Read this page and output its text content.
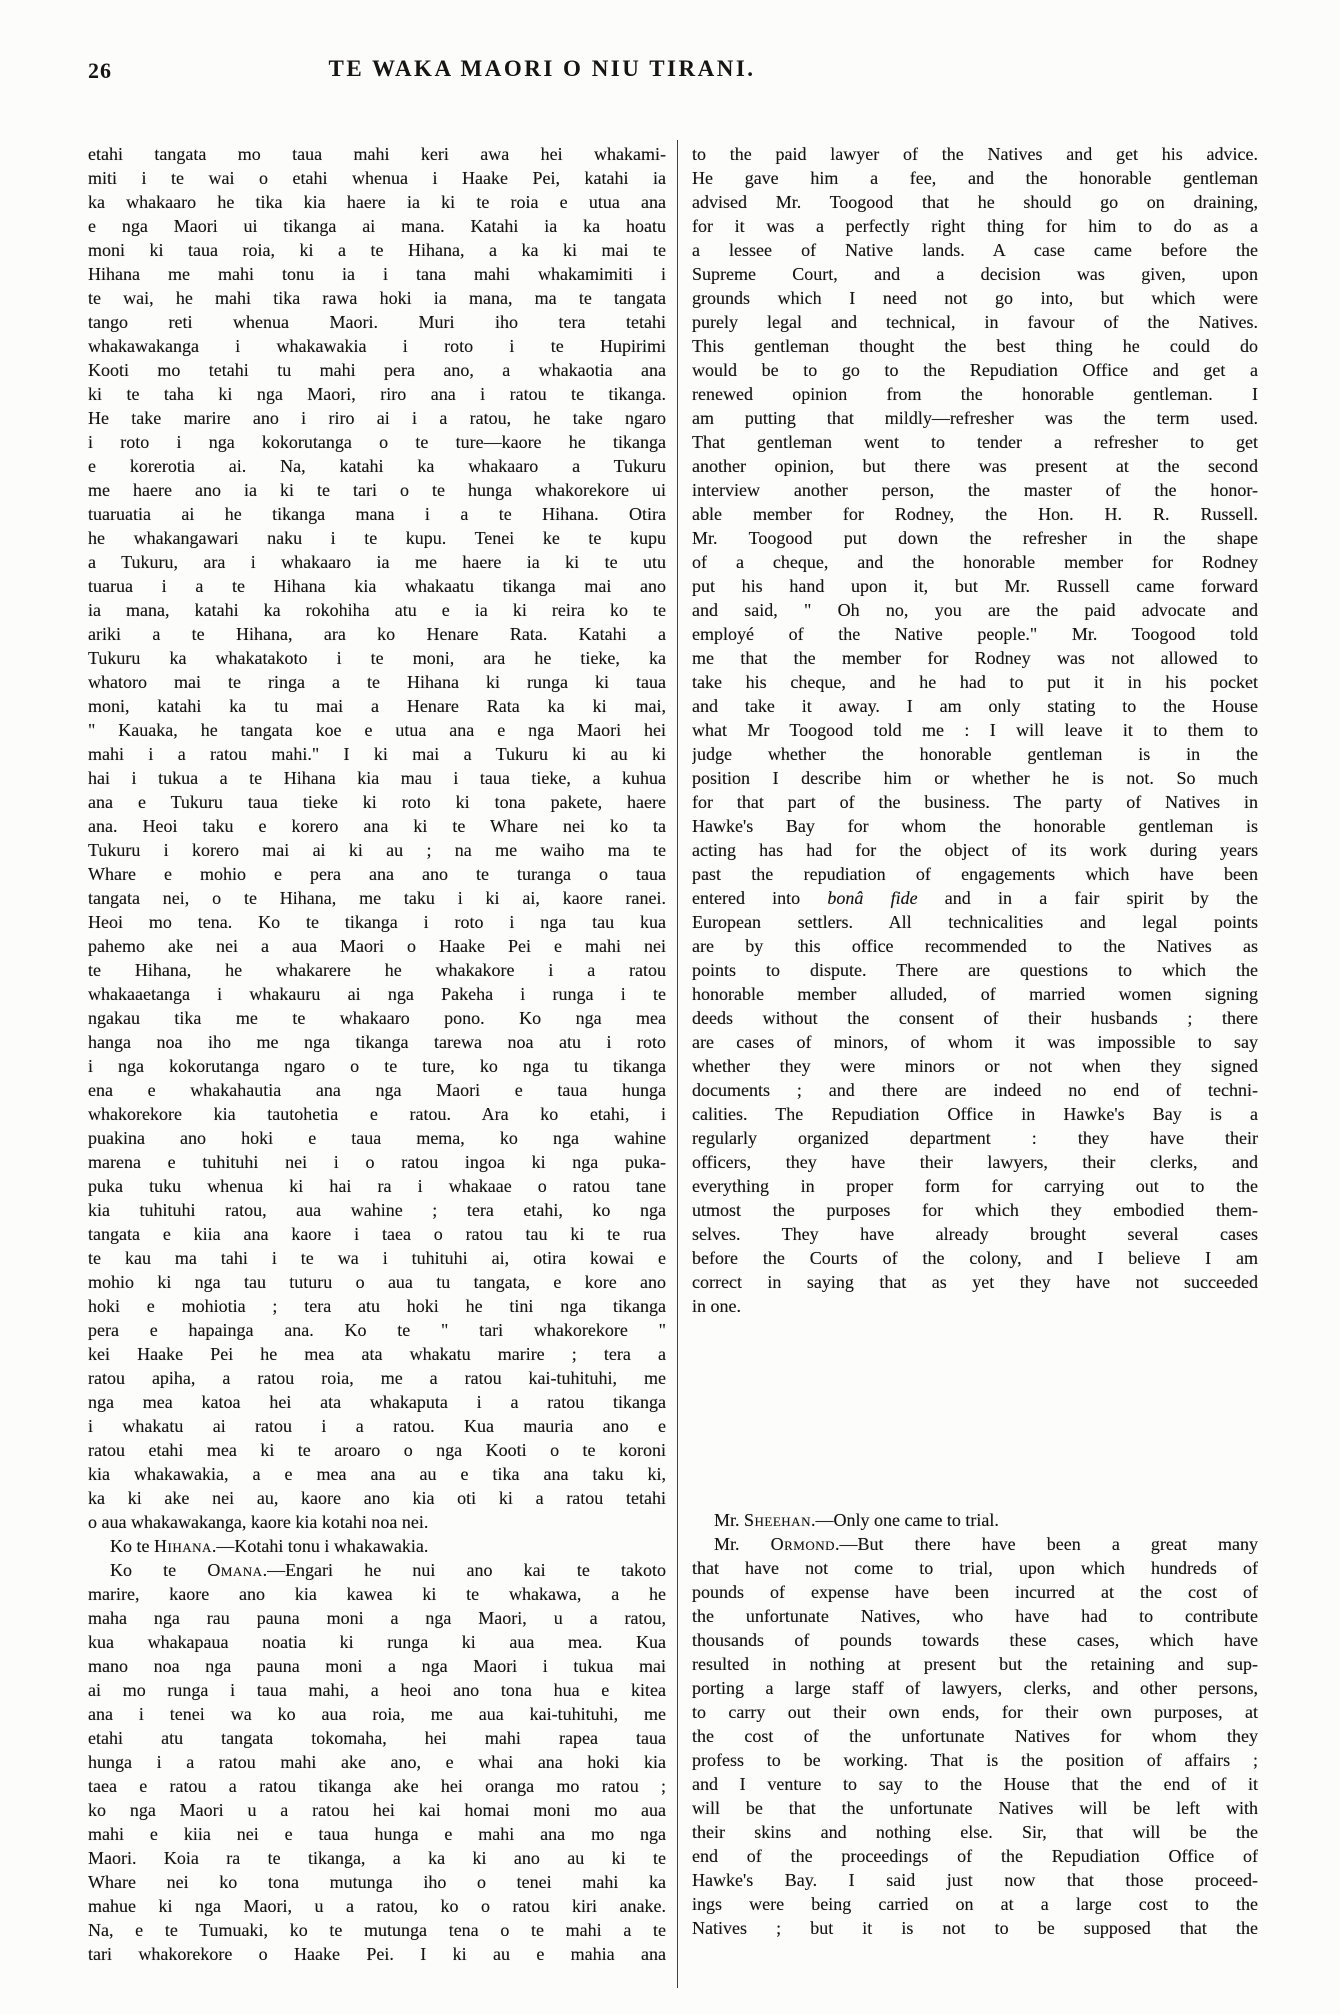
26	TE WAKA MAORI O NIU TIRANI.
etahi tangata mo taua mahi keri awa hei whakami-
miti i te wai o etahi whenua i Haake Pei, katahi ia
ka whakaaro he tika kia haere ia ki te roia e utua ana
e nga Maori ui tikanga ai mana. Katahi ia ka hoatu
moni ki taua roia, ki a te Hihana, a ka ki mai te
Hihana me mahi tonu ia i tana mahi whakamimiti i
te wai, he mahi tika rawa hoki ia mana, ma te tangata
tango reti whenua Maori. Muri iho tera tetahi
whakawakanga i whakawakia i roto i te Hupirimi
Kooti mo tetahi tu mahi pera ano, a whakaotia ana
ki te taha ki nga Maori, riro ana i ratou te tikanga.
He take marire ano i riro ai i a ratou, he take ngaro
i roto i nga kokorutanga o te ture—kaore he tikanga
e korerotia ai. Na, katahi ka whakaaro a Tukuru
me haere ano ia ki te tari o te hunga whakorekore ui
tuaruatia ai he tikanga mana i a te Hihana. Otira
he whakangawari naku i te kupu. Tenei ke te kupu
a Tukuru, ara i whakaaro ia me haere ia ki te utu
tuarua i a te Hihana kia whakaatu tikanga mai ano
ia mana, katahi ka rokohiha atu e ia ki reira ko te
ariki a te Hihana, ara ko Henare Rata. Katahi a
Tukuru ka whakatakoto i te moni, ara he tieke, ka
whatoro mai te ringa a te Hihana ki runga ki taua
moni, katahi ka tu mai a Henare Rata ka ki mai,
" Kauaka, he tangata koe e utua ana e nga Maori hei
mahi i a ratou mahi." I ki mai a Tukuru ki au ki
hai i tukua a te Hihana kia mau i taua tieke, a kuhua
ana e Tukuru taua tieke ki roto ki tona pakete, haere
ana. Heoi taku e korero ana ki te Whare nei ko ta
Tukuru i korero mai ai ki au ; na me waiho ma te
Whare e mohio e pera ana ano te turanga o taua
tangata nei, o te Hihana, me taku i ki ai, kaore ranei.
Heoi mo tena. Ko te tikanga i roto i nga tau kua
pahemo ake nei a aua Maori o Haake Pei e mahi nei
te Hihana, he whakarere he whakakore i a ratou
whakaaetanga i whakauru ai nga Pakeha i runga i te
ngakau tika me te whakaaro pono. Ko nga mea
hanga noa iho me nga tikanga tarewa noa atu i roto
i nga kokorutanga ngaro o te ture, ko nga tu tikanga
ena e whakahautia ana nga Maori e taua hunga
whakorekore kia tautohetia e ratou. Ara ko etahi, i
puakina ano hoki e taua mema, ko nga wahine
marena e tuhituhi nei i o ratou ingoa ki nga puka-
puka tuku whenua ki hai ra i whakaae o ratou tane
kia tuhituhi ratou, aua wahine ; tera etahi, ko nga
tangata e kiia ana kaore i taea o ratou tau ki te rua
te kau ma tahi i te wa i tuhituhi ai, otira kowai e
mohio ki nga tau tuturu o aua tu tangata, e kore ano
hoki e mohiotia ; tera atu hoki he tini nga tikanga
pera e hapainga ana. Ko te " tari whakorekore "
kei Haake Pei he mea ata whakatu marire ; tera a
ratou apiha, a ratou roia, me a ratou kai-tuhituhi, me
nga mea katoa hei ata whakaputa i a ratou tikanga
i whakatu ai ratou i a ratou. Kua mauria ano e
ratou etahi mea ki te aroaro o nga Kooti o te koroni
kia whakawakia, a e mea ana au e tika ana taku ki,
ka ki ake nei au, kaore ano kia oti ki a ratou tetahi
o aua whakawakanga, kaore kia kotahi noa nei.
Ko te Hihana.—Kotahi tonu i whakawakia.
Ko te Omana.—Engari he nui ano kai te takoto
marire, kaore ano kia kawea ki te whakawa, a he
maha nga rau pauna moni a nga Maori, u a ratou,
kua whakapaua noatia ki runga ki aua mea. Kua
mano noa nga pauna moni a nga Maori i tukua mai
ai mo runga i taua mahi, a heoi ano tona hua e kitea
ana i tenei wa ko aua roia, me aua kai-tuhituhi, me
etahi atu tangata tokomaha, hei mahi rapea taua
hunga i a ratou mahi ake ano, e whai ana hoki kia
taea e ratou a ratou tikanga ake hei oranga mo ratou ;
ko nga Maori u a ratou hei kai homai moni mo aua
mahi e kiia nei e taua hunga e mahi ana mo nga
Maori. Koia ra te tikanga, a ka ki ano au ki te
Whare nei ko tona mutunga iho o tenei mahi ka
mahue ki nga Maori, u a ratou, ko o ratou kiri anake.
Na, e te Tumuaki, ko te mutunga tena o te mahi a te
tari whakorekore o Haake Pei. I ki au e mahia ana
to the paid lawyer of the Natives and get his advice.
He gave him a fee, and the honorable gentleman
advised Mr. Toogood that he should go on draining,
for it was a perfectly right thing for him to do as a
a lessee of Native lands. A case came before the
Supreme Court, and a decision was given, upon
grounds which I need not go into, but which were
purely legal and technical, in favour of the Natives.
This gentleman thought the best thing he could do
would be to go to the Repudiation Office and get a
renewed opinion from the honorable gentleman. I
am putting that mildly—refresher was the term used.
That gentleman went to tender a refresher to get
another opinion, but there was present at the second
interview another person, the master of the honor-
able member for Rodney, the Hon. H. R. Russell.
Mr. Toogood put down the refresher in the shape
of a cheque, and the honorable member for Rodney
put his hand upon it, but Mr. Russell came forward
and said, " Oh no, you are the paid advocate and
employé of the Native people." Mr. Toogood told
me that the member for Rodney was not allowed to
take his cheque, and he had to put it in his pocket
and take it away. I am only stating to the House
what Mr Toogood told me : I will leave it to them to
judge whether the honorable gentleman is in the
position I describe him or whether he is not. So much
for that part of the business. The party of Natives in
Hawke's Bay for whom the honorable gentleman is
acting has had for the object of its work during years
past the repudiation of engagements which have been
entered into bonâ fide and in a fair spirit by the
European settlers. All technicalities and legal points
are by this office recommended to the Natives as
points to dispute. There are questions to which the
honorable member alluded, of married women signing
deeds without the consent of their husbands ; there
are cases of minors, of whom it was impossible to say
whether they were minors or not when they signed
documents ; and there are indeed no end of techni-
calities. The Repudiation Office in Hawke's Bay is a
regularly organized department : they have their
officers, they have their lawyers, their clerks, and
everything in proper form for carrying out to the
utmost the purposes for which they embodied them-
selves. They have already brought several cases
before the Courts of the colony, and I believe I am
correct in saying that as yet they have not succeeded
in one.
Mr. Sheehan.—Only one came to trial.
Mr. Ormond.—But there have been a great many
that have not come to trial, upon which hundreds of
pounds of expense have been incurred at the cost of
the unfortunate Natives, who have had to contribute
thousands of pounds towards these cases, which have
resulted in nothing at present but the retaining and sup-
porting a large staff of lawyers, clerks, and other persons,
to carry out their own ends, for their own purposes, at
the cost of the unfortunate Natives for whom they
profess to be working. That is the position of affairs ;
and I venture to say to the House that the end of it
will be that the unfortunate Natives will be left with
their skins and nothing else. Sir, that will be the
end of the proceedings of the Repudiation Office of
Hawke's Bay. I said just now that those proceed-
ings were being carried on at a large cost to the
Natives ; but it is not to be supposed that the
